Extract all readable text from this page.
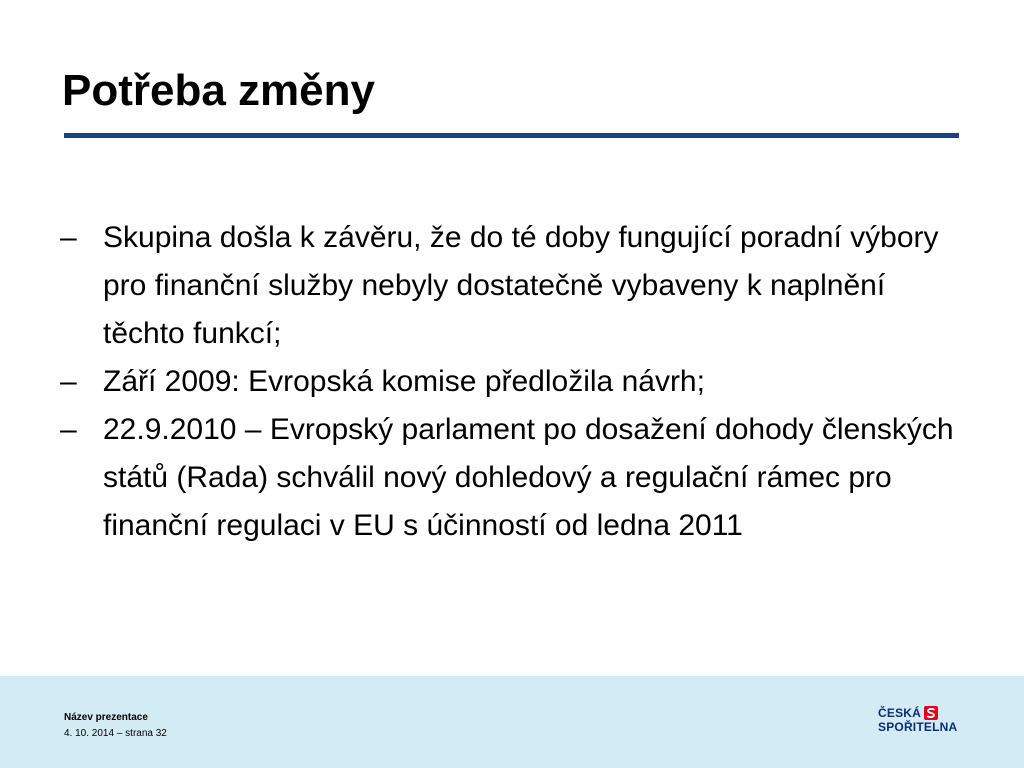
Potřeba změny
– Skupina došla k závěru, že do té doby fungující poradní výbory pro finanční služby nebyly dostatečně vybaveny k naplnění těchto funkcí;
– Září 2009: Evropská komise předložila návrh;
– 22.9.2010 – Evropský parlament po dosažení dohody členských států (Rada) schválil nový dohledový a regulační rámec pro finanční regulaci v EU s účinností od ledna 2011
Název prezentace
4. 10. 2014 – strana 32
ČESKÁ
SPOŘITELNA
